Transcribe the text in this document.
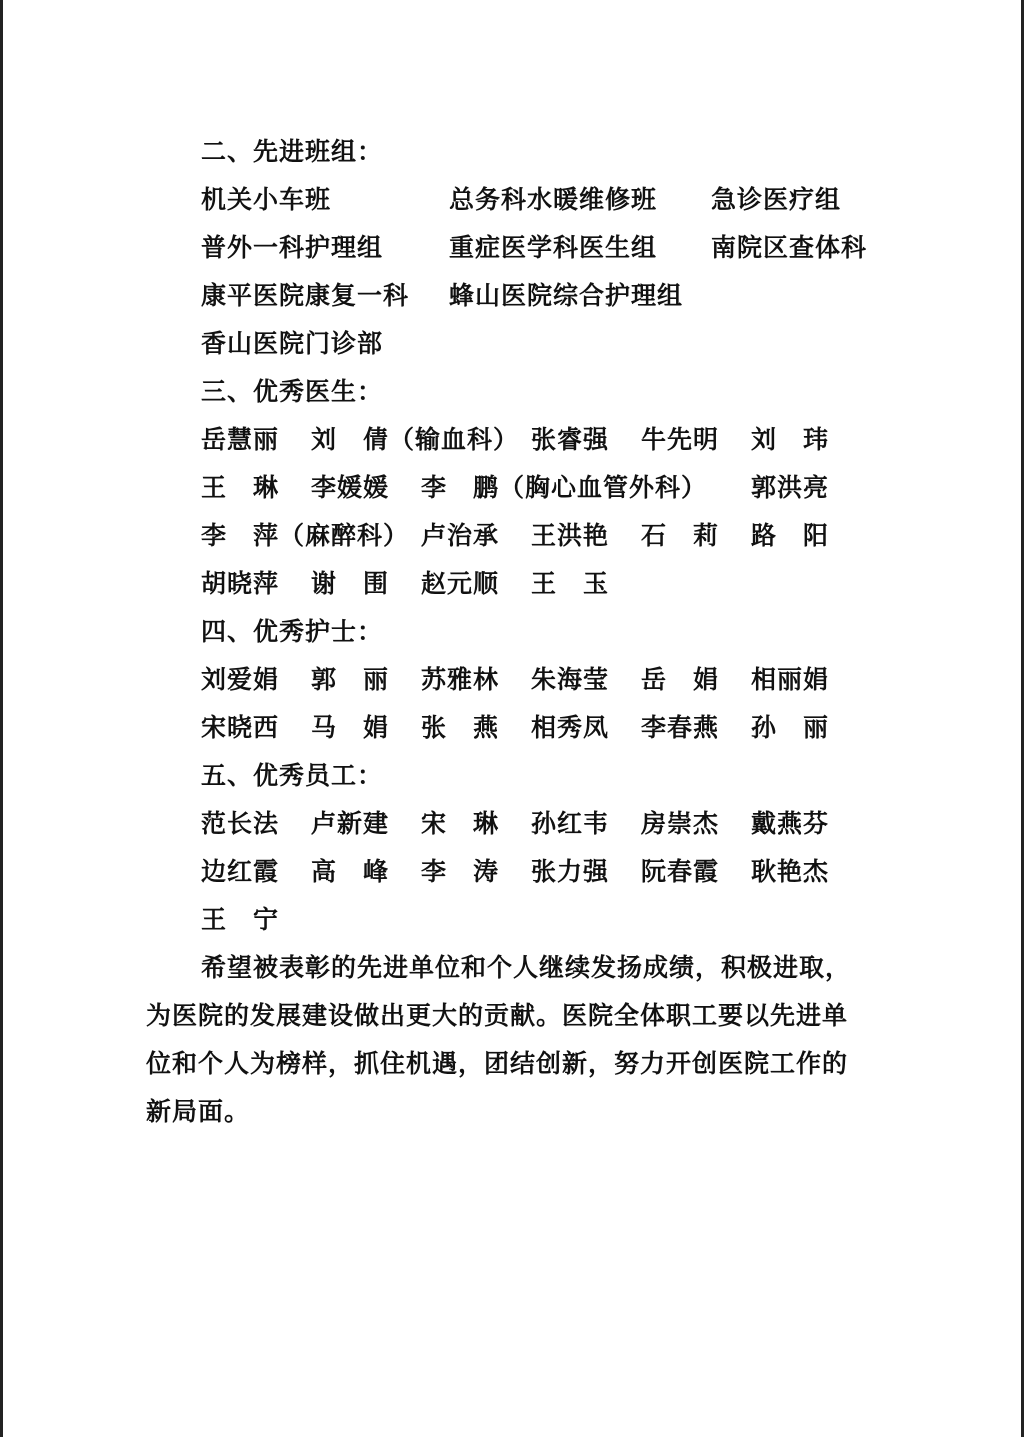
二、先进班组：
机关小车班	总务科水暖维修班 急诊医疗组
普外一科护理组	重症医学科医生组 南院区查体科
康平医院康复一科 蜂山医院综合护理组
香山医院门诊部
三、优秀医生：
岳慧丽 刘　倩（输血科） 张睿强 牛先明 刘　玮
王　琳 李媛媛 李　鹏（胸心血管外科） 郭洪亮
李　萍（麻醉科） 卢治承 王洪艳 石　莉 路　阳
胡晓萍 谢　围 赵元顺 王　玉
四、优秀护士：
刘爱娟 郭　丽 苏雅林 朱海莹 岳　娟 相丽娟
宋晓西 马　娟 张　燕 相秀凤 李春燕 孙　丽
五、优秀员工：
范长法 卢新建 宋　琳 孙红韦 房崇杰 戴燕芬
边红霞 高　峰 李　涛 张力强 阮春霞 耿艳杰
王　宁
希望被表彰的先进单位和个人继续发扬成绩，积极进取，
为医院的发展建设做出更大的贡献。医院全体职工要以先进单
位和个人为榜样，抓住机遇，团结创新，努力开创医院工作的
新局面。
